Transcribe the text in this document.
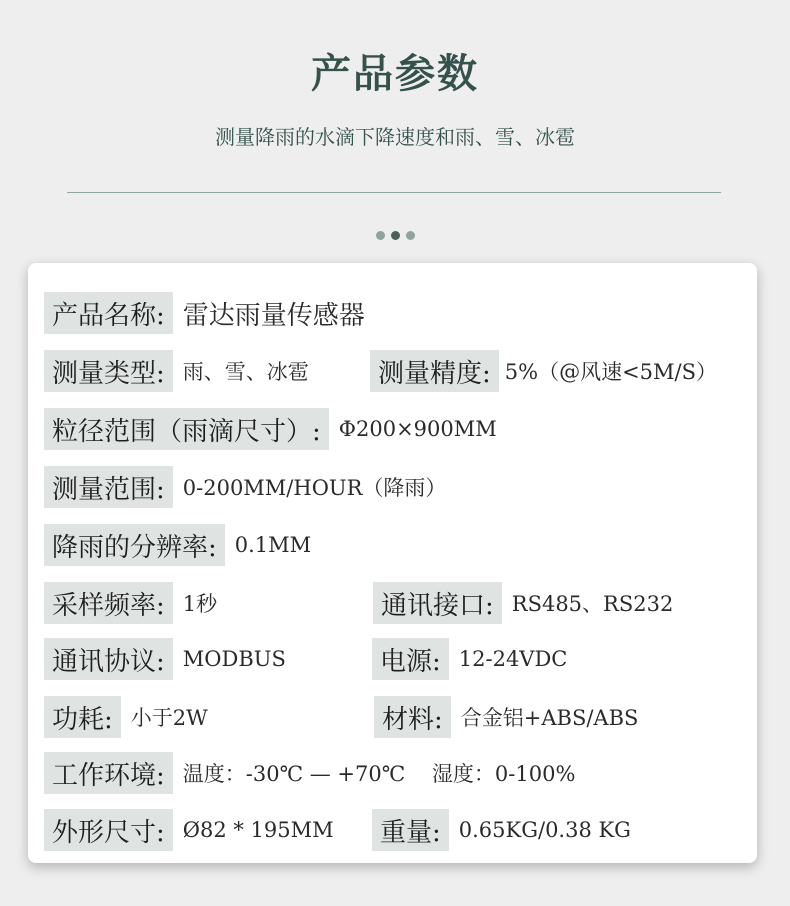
产品参数
测量降雨的水滴下降速度和雨、雪、冰雹
产品名称: 雷达雨量传感器
测量类型: 雨、雪、冰雹	测量精度: 5%（@风速<5M/S）
粒径范围（雨滴尺寸）: Φ200×900MM
测量范围: 0-200MM/HOUR（降雨）
降雨的分辨率: 0.1MM
采样频率: 1秒	通讯接口: RS485、RS232
通讯协议: MODBUS	电源: 12-24VDC
功耗: 小于2W	材料: 合金铝+ABS/ABS
工作环境: 温度：-30℃ — +70℃    湿度：0-100%
外形尺寸: Ø82 * 195MM	重量: 0.65KG/0.38 KG
